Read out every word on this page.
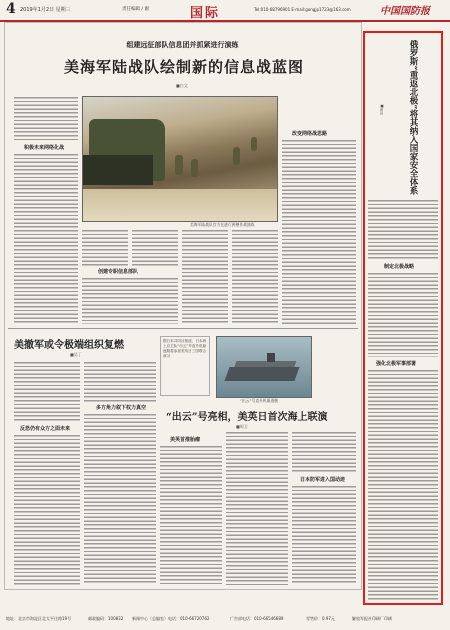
4 2019年1月2日 星期三	责任编辑 / 谢	国际	Tel:010-68796901 E-mail:gongjp1723@163.com	中国国防报
组建远征部队信息团并抓紧进行演练
美海军陆战队绘制新的信息战蓝图
■白文
积极未来网络化战
美海军陆战队官方在进行两栖作战演练
创建专职信息部队
改变网络战思路
美撤军或令极端组织复燃
■吴丁
反恐仍有众方之面未来
多方角力叙下权力真空
据日本共同社报道，日本海上自卫队“出云”号直升机驱逐舰将参加美英日三国联合演习
“出云”号直升机驱逐舰
“出云”号亮相，美英日首次海上联演
■周卫
美英首推胎瘤
日本防军进入国动迹
俄罗斯“重返北极”将其纳入国家安全体系
■黄岩
制定北极战略
强化北极军事部署
地址：北京市海淀区北太平庄路19号	邮政编码：100832 新闻中心（总编室）电话：010-66720762	广告部电话：010-66546689	零售价：0.97元	解放军报社印刷厂印刷
